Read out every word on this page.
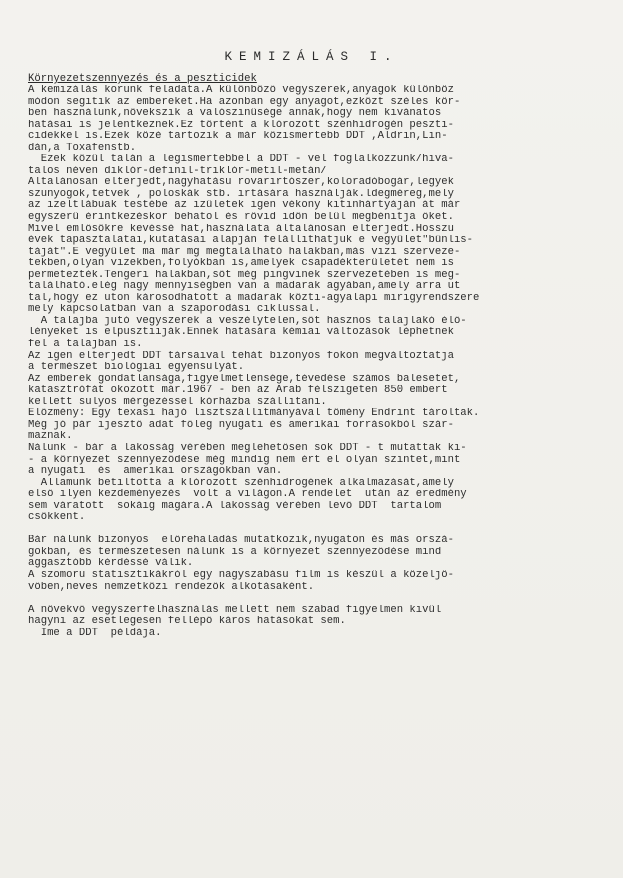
KEMIZÁLÁS I.
Környezetszennyezés és a peszticidek
A kemizálás korunk feladata.A különböző vegyszerek,anyagok különböz
módon segitik az embereket.Ha azonban egy anyagot,ezközt széles kör-
ben használunk,növekszik a valószinüsége annak,hogy nem kivánatos
hatásai is jelentkeznek.Ez történt a klórozott szénhidrogén peszti-
cidekkel is.Ezek közé tartozik a már közismertebb DDT ,Aldrin,Lin-
dán,a Toxafenstb.
Ezek közül talán a legismertebbel a DDT - vel foglalkozzunk/hiva-
talos néven diklór-definil-triklór-metil-metán/
Általánosan elterjedt,nagyhatásu rovarirtószer,koloradóbogár,legyek
szunyogok,tetvek , poloskák stb. irtására használják.ldegméreg,mely
az izeltlábuak testébe az izületek igen vékony kitinhártyáján át már
egyszerü érintkezéskor behatol és rövid idön belül megbénitja őket.
Mivel emlősökre kevéssé hat,használata általánosan elterjedt.Hosszu
évek tapasztalatai,kutatásai alapján felállithatjuk e vegyület"bünlis-
táját".E vegyület ma már mg megtalálható halakban,más vizi szerveze-
tekben,olyan vizekben,folyókban is,amelyek csapadékterületét nem is
permetezték.Tengeri halakban,sőt még pingvinek szervezetében is meg-
található.elég nagy mennyiségben van a madarak agyában,amely arra ut
tal,hogy ez uton károsodhatott a madarak közti-agyalapi mirigyrendszere
mely kapcsolatban van a szaporodási ciklussal.
A talajba jutó vegyszerek a veszélytelen,sőt hasznos talajlakó élő-
lényeket is elpusztiiják.Ennek hatására kémiai változások léphetnek
fel a talajban is.
Az igen elterjedt DDT társaival tehát bizonyos fokon megváltoztatja
a természet biológiai egyensulyát.
Az emberek gondatlansága,figyelmetlensége,tévedése számos balesetet,
katasztrófát okozott már.1967 - ben az Arab félszigeten 850 embert
kellett sulyos mérgezéssel kórházba szállitani.
Előzmény: Egy texasi hajó lisztszállitmányával tömény Endrint tároltak.
Még jó pár ijesztő adat főleg nyugati és amerikai forrásokból szár-
maznak.
Nálunk - bár a lakosság vérében meglehetősen sok DDT - t mutattak ki-
- a környezet szennyeződése még mindig nem ért el olyan szintet,mint
a nyugati  és  amerikai országokban van.
Államunk betiltotta a klórozott szénhidrogének alkalmazását,amely
első ilyen kezdeményezés  volt a világon.A rendelet  után az eredmény
sem váratott  sokáig magára.A lakosság vérében levő DDT  tartalom
csökkent.
Bár nálunk bizonyos  előrehaladás mutatkozik,nyugaton és más orszá-
gokban, és természetesen nálunk is a környezet szennyeződése mind
aggasztóbb kérdéssé válik.
A szomoru statisztikákról egy nagyszabásu film is készül a közeljö-
vőben,neves nemzetközi rendezők alkotásaként.
A növekvő vegyszerfelhasználás mellett nem szabad figyelmen kivül
hagyni az esetlegesen fellépő káros hatásokat sem.
Ime a DDT  példája.
